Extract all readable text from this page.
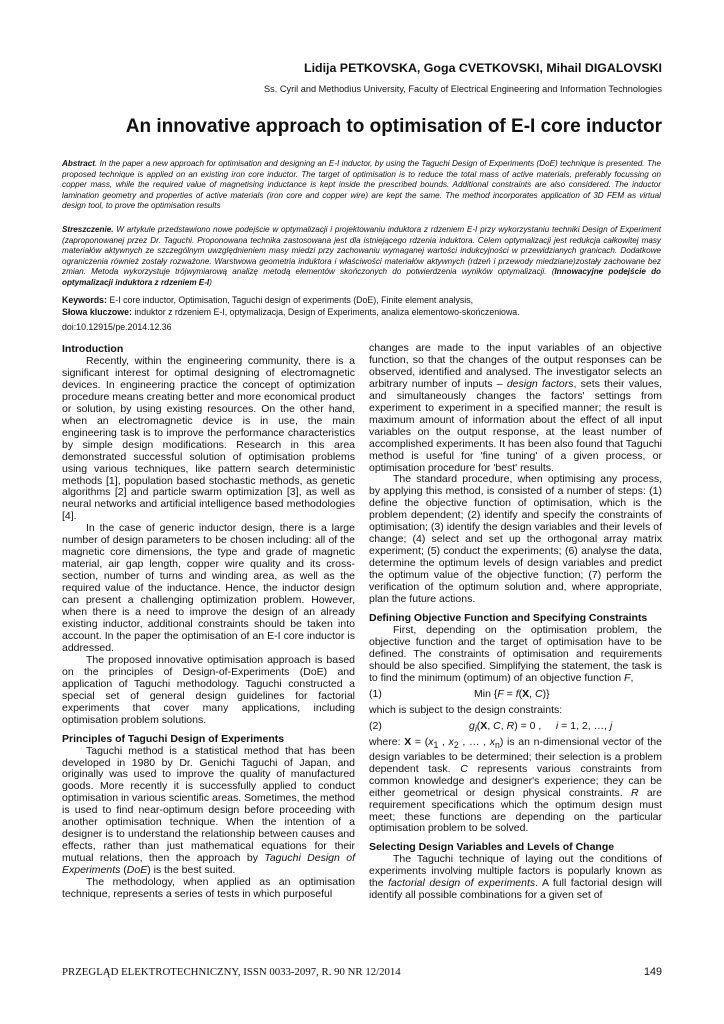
Lidija PETKOVSKA, Goga CVETKOVSKI, Mihail DIGALOVSKI
Ss. Cyril and Methodius University, Faculty of Electrical Engineering and Information Technologies
An innovative approach to optimisation of E-I core inductor
Abstract. In the paper a new approach for optimisation and designing an E-I inductor, by using the Taguchi Design of Experiments (DoE) technique is presented. The proposed technique is applied on an existing iron core inductor. The target of optimisation is to reduce the total mass of active materials, preferably focussing on copper mass, while the required value of magnetising inductance is kept inside the prescribed bounds. Additional constraints are also considered. The inductor lamination geometry and properties of active materials (iron core and copper wire) are kept the same. The method incorporates application of 3D FEM as virtual design tool, to prove the optimisation results
Streszczenie. W artykule przedstawiono nowe podejście w optymalizacji i projektowaniu induktora z rdzeniem E-I przy wykorzystaniu techniki Design of Experiment (zaproponowanej przez Dr. Taguchi. Proponowana technika zastosowana jest dla istniejącego rdzenia induktora. Celem optymalizacji jest redukcja całkowitej masy materiałów aktywnych ze szczególnym uwzględnieniem masy miedzi przy zachowaniu wymaganej wartości indukcyjności w przewidzianych granicach. Dodatkowe ograniczenia również zostały rozważone. Warstwowa geometria induktora i właściwości materiałów aktywnych (rdzeń i przewody miedziane)zostały zachowane bez zmian. Metoda wykorzystuje trójwymiarową analizę metodą elementów skończonych do potwierdzenia wyników optymalizacji. (Innowacyjne podejście do optymalizacji induktora z rdzeniem E-I)
Keywords: E-I core inductor, Optimisation, Taguchi design of experiments (DoE), Finite element analysis,
Słowa kluczowe: induktor z rdzeniem E-I, optymalizacja, Design of Experiments, analiza elementowo-skończeniowa.
doi:10.12915/pe.2014.12.36
Introduction

Recently, within the engineering community, there is a significant interest for optimal designing of electromagnetic devices. In engineering practice the concept of optimization procedure means creating better and more economical product or solution, by using existing resources. On the other hand, when an electromagnetic device is in use, the main engineering task is to improve the performance characteristics by simple design modifications. Research in this area demonstrated successful solution of optimisation problems using various techniques, like pattern search deterministic methods [1], population based stochastic methods, as genetic algorithms [2] and particle swarm optimization [3], as well as neural networks and artificial intelligence based methodologies [4].

In the case of generic inductor design, there is a large number of design parameters to be chosen including: all of the magnetic core dimensions, the type and grade of magnetic material, air gap length, copper wire quality and its cross-section, number of turns and winding area, as well as the required value of the inductance. Hence, the inductor design can present a challenging optimization problem. However, when there is a need to improve the design of an already existing inductor, additional constraints should be taken into account. In the paper the optimisation of an E-I core inductor is addressed.

The proposed innovative optimisation approach is based on the principles of Design-of-Experiments (DoE) and application of Taguchi methodology. Taguchi constructed a special set of general design guidelines for factorial experiments that cover many applications, including optimisation problem solutions.

Principles of Taguchi Design of Experiments

Taguchi method is a statistical method that has been developed in 1980 by Dr. Genichi Taguchi of Japan, and originally was used to improve the quality of manufactured goods. More recently it is successfully applied to conduct optimisation in various scientific areas. Sometimes, the method is used to find near-optimum design before proceeding with another optimisation technique. When the intention of a designer is to understand the relationship between causes and effects, rather than just mathematical equations for their mutual relations, then the approach by Taguchi Design of Experiments (DoE) is the best suited.

The methodology, when applied as an optimisation technique, represents a series of tests in which purposeful

changes are made to the input variables of an objective function, so that the changes of the output responses can be observed, identified and analysed. The investigator selects an arbitrary number of inputs – design factors, sets their values, and simultaneously changes the factors' settings from experiment to experiment in a specified manner; the result is maximum amount of information about the effect of all input variables on the output response, at the least number of accomplished experiments. It has been also found that Taguchi method is useful for 'fine tuning' of a given process, or optimisation procedure for 'best' results.

The standard procedure, when optimising any process, by applying this method, is consisted of a number of steps: (1) define the objective function of optimisation, which is the problem dependent; (2) identify and specify the constraints of optimisation; (3) identify the design variables and their levels of change; (4) select and set up the orthogonal array matrix experiment; (5) conduct the experiments; (6) analyse the data, determine the optimum levels of design variables and predict the optimum value of the objective function; (7) perform the verification of the optimum solution and, where appropriate, plan the future actions.

Defining Objective Function and Specifying Constraints

First, depending on the optimisation problem, the objective function and the target of optimisation have to be defined. The constraints of optimisation and requirements should be also specified. Simplifying the statement, the task is to find the minimum (optimum) of an objective function F,

(1)	Min {F = f(X, C)}

which is subject to the design constraints:

(2)	$g_i(X$, C, R) = 0 ,     i = 1, 2, …, j

where: $X = (x_1$ , $x_2$ , … , $x_n$) is an n-dimensional vector of the design variables to be determined; their selection is a problem dependent task. C represents various constraints from common knowledge and designer's experience; they can be either geometrical or design physical constraints. R are requirement specifications which the optimum design must meet; these functions are depending on the particular optimisation problem to be solved.

Selecting Design Variables and Levels of Change

The Taguchi technique of laying out the conditions of experiments involving multiple factors is popularly known as the factorial design of experiments. A full factorial design will identify all possible combinations for a given set of

PRZEGLĄD ELEKTROTECHNICZNY, ISSN 0033-2097, R. 90 NR 12/2014	149
